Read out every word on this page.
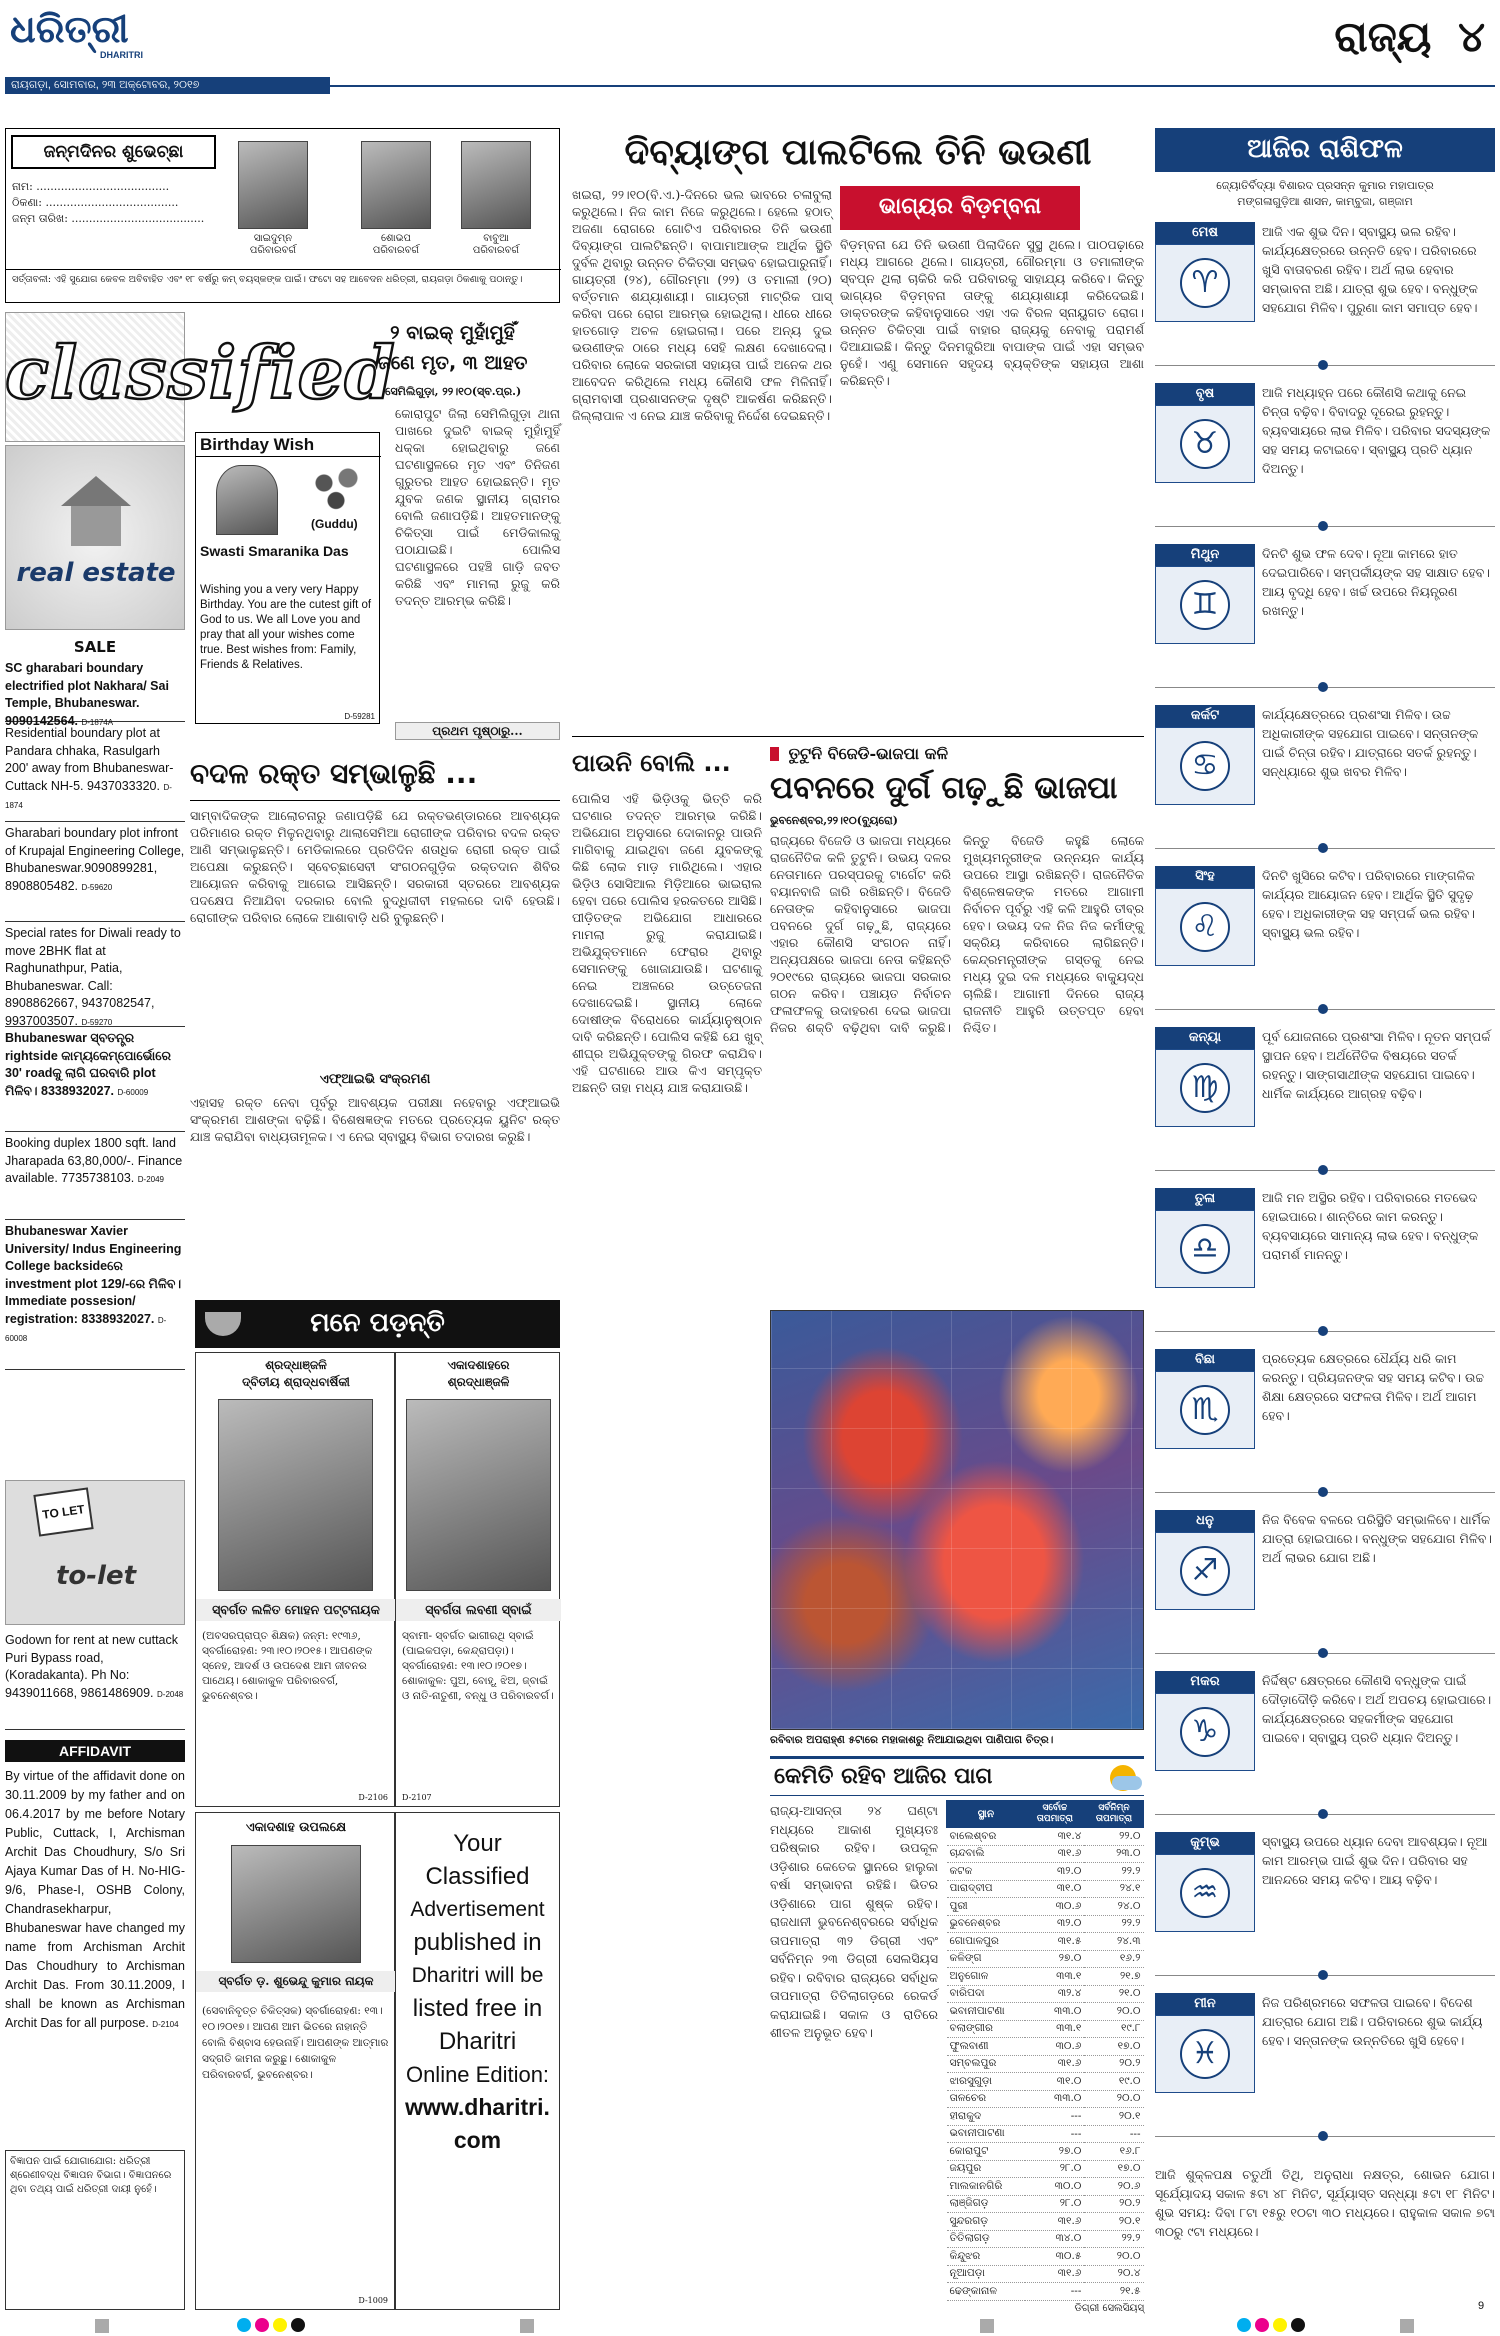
ଧରିତ୍ରୀ
DHARITRI
ରାୟଗଡ଼ା, ସୋମବାର, ୨୩ ଅକ୍ଟୋବର, ୨୦୧୭
ରାଜ୍ୟ ୪
ଜନ୍ମଦିନର ଶୁଭେଚ୍ଛା
ନାମ: ......................................
ଠିକଣା: ......................................
ଜନ୍ମ ତାରିଖ: ......................................
ସାଇଦୁମ୍ନ
ପରିବାରବର୍ଗ
ଶୋଭପ
ପରିବାରବର୍ଗ
ବାବୁଆ
ପରିବାରବର୍ଗ
ସର୍ତ୍ତାବଳୀ: ଏହି ସୁଯୋଗ କେବଳ ଅବିବାହିତ ଏବଂ ୧୮ ବର୍ଷରୁ କମ୍ ବୟସ୍କଙ୍କ ପାଇଁ। ଫଟୋ ସହ ଆବେଦନ ଧରିତ୍ରୀ, ରାୟଗଡ଼ା ଠିକଣାକୁ ପଠାନ୍ତୁ।
classified
୨ ବାଇକ୍ ମୁହାଁମୁହିଁ
ଜଣେ ମୃତ, ୩ ଆହତ
ସେମିଲିଗୁଡ଼ା, ୨୨।୧୦(ସ୍ବ.ପ୍ର.)
କୋରାପୁଟ ଜିଲା ସେମିଲିଗୁଡ଼ା ଥାନା ପାଖରେ ଦୁଇଟି ବାଇକ୍ ମୁହାଁମୁହିଁ ଧକ୍କା ହୋଇଥିବାରୁ ଜଣେ ଘଟଣାସ୍ଥଳରେ ମୃତ ଏବଂ ତିନିଜଣ ଗୁରୁତର ଆହତ ହୋଇଛନ୍ତି। ମୃତ ଯୁବକ ଜଣକ ସ୍ଥାନୀୟ ଗ୍ରାମର ବୋଲି ଜଣାପଡ଼ିଛି। ଆହତମାନଙ୍କୁ ଚିକିତ୍ସା ପାଇଁ ମେଡିକାଲକୁ ପଠାଯାଇଛି। ପୋଲିସ ଘଟଣାସ୍ଥଳରେ ପହଞ୍ଚି ଗାଡ଼ି ଜବତ କରିଛି ଏବଂ ମାମଲା ରୁଜୁ କରି ତଦନ୍ତ ଆରମ୍ଭ କରିଛି।
real estate
SALE
SC gharabari boundary electrified plot Nakhara/ Sai Temple, Bhubaneswar. 9090142564. D-1874A
Residential boundary plot at Pandara chhaka, Rasulgarh 200' away from Bhubaneswar- Cuttack NH-5. 9437033320. D-1874
Gharabari boundary plot infront of Krupajal Engineering College, Bhubaneswar.9090899281, 8908805482. D-59620
Special rates for Diwali ready to move 2BHK flat at Raghunathpur, Patia, Bhubaneswar. Call: 8908862667, 9437082547, 9937003507. D-59270
Bhubaneswar ସ୍ବତନ୍ତ୍ର rightside କାମ୍ୟକେମ୍ପ‌ୋର୍ଭୋରେ 30' roadକୁ ଲାଗି ଘରବାରି plot ମିଳିବ। 8338932027. D-60009
Booking duplex 1800 sqft. land Jharapada 63,80,000/-. Finance available. 7735738103. D-2049
Bhubaneswar Xavier University/ Indus Engineering College backsideରେ investment plot 129/-ରେ ମିଳିବ। Immediate possesion/ registration: 8338932027. D-60008
TO LET
to-let
Godown for rent at new cuttack Puri Bypass road, (Koradakanta). Ph No: 9439011668, 9861486909. D-2048
AFFIDAVIT
By virtue of the affidavit done on 30.11.2009 by my father and on 06.4.2017 by me before Notary Public, Cuttack, I, Archisman Archit Das Choudhury, S/o Sri Ajaya Kumar Das of H. No-HIG-9/6, Phase-I, OSHB Colony, Chandrasekharpur, Bhubaneswar have changed my name from Archisman Archit Das Choudhury to Archisman Archit Das. From 30.11.2009, I shall be known as Archisman Archit Das for all purpose. D-2104
ବିଜ୍ଞାପନ ପାଇଁ ଯୋଗାଯୋଗ: ଧରିତ୍ରୀ ଶ୍ରେଣୀବଦ୍ଧ ବିଜ୍ଞାପନ ବିଭାଗ। ବିଜ୍ଞାପନରେ ଥିବା ତଥ୍ୟ ପାଇଁ ଧରିତ୍ରୀ ଦାୟୀ ନୁହେଁ।
Birthday Wish
(Guddu)
Swasti Smaranika Das
Wishing you a very very Happy Birthday. You are the cutest gift of God to us. We all Love you and pray that all your wishes come true. Best wishes from: Family, Friends & Relatives.
D-59281
ପ୍ରଥମ ପୃଷ୍ଠାରୁ...
ବଦଳ ରକ୍ତ ସମ୍ଭାଳୁଛି ...
ସାମ୍ବାଦିକଙ୍କ ଆଲୋଚନାରୁ ଜଣାପଡ଼ିଛି ଯେ ରକ୍ତଭଣ୍ଡାରରେ ଆବଶ୍ୟକ ପରିମାଣର ରକ୍ତ ମିଳୁନଥିବାରୁ ଥାଲାସେମିଆ ରୋଗୀଙ୍କ ପରିବାର ବଦଳ ରକ୍ତ ଆଣି ସମ୍ଭାଳୁଛନ୍ତି। ମେଡିକାଲରେ ପ୍ରତିଦିନ ଶତାଧିକ ରୋଗୀ ରକ୍ତ ପାଇଁ ଅପେକ୍ଷା କରୁଛନ୍ତି। ସ୍ବେଚ୍ଛାସେବୀ ସଂଗଠନଗୁଡ଼ିକ ରକ୍ତଦାନ ଶିବିର ଆୟୋଜନ କରିବାକୁ ଆଗେଇ ଆସିଛନ୍ତି। ସରକାରୀ ସ୍ତରରେ ଆବଶ୍ୟକ ପଦକ୍ଷେପ ନିଆଯିବା ଦରକାର ବୋଲି ବୁଦ୍ଧିଜୀବୀ ମହଲରେ ଦାବି ହେଉଛି। ରୋଗୀଙ୍କ ପରିବାର ଲୋକେ ଆଶାବାଡ଼ି ଧରି ବୁଲୁଛନ୍ତି।
ଏଫ୍‌ଆଇଭି ସଂକ୍ରମଣ
ଏହାସହ ରକ୍ତ ନେବା ପୂର୍ବରୁ ଆବଶ୍ୟକ ପରୀକ୍ଷା ନହେବାରୁ ଏଫ୍‌ଆଇଭି ସଂକ୍ରମଣ ଆଶଙ୍କା ବଢ଼ିଛି। ବିଶେଷଜ୍ଞଙ୍କ ମତରେ ପ୍ରତ୍ୟେକ ୟୁନିଟ ରକ୍ତ ଯାଞ୍ଚ କରାଯିବା ବାଧ୍ୟତାମୂଳକ। ଏ ନେଇ ସ୍ବାସ୍ଥ୍ୟ ବିଭାଗ ତଦାରଖ କରୁଛି।
ମନେ ପଡ଼ନ୍ତି
ଶ୍ରଦ୍ଧାଞ୍ଜଳି
ଦ୍ବିତୀୟ ଶ୍ରାଦ୍ଧବାର୍ଷିକୀ
ସ୍ବର୍ଗତ ଲଳିତ ମୋହନ ପଟ୍ଟନାୟକ
(ଅବସରପ୍ରାପ୍ତ ଶିକ୍ଷକ) ଜନ୍ମ: ୧୯୩୬, ସ୍ବର୍ଗାରୋହଣ: ୨୩।୧୦।୨୦୧୫। ଆପଣଙ୍କ ସ୍ନେହ, ଆଦର୍ଶ ଓ ଉପଦେଶ ଆମ ଜୀବନର ପାଥେୟ। ଶୋକାକୁଳ ପରିବାରବର୍ଗ, ଭୁବନେଶ୍ବର।
D-2106
ଏକାଦଶାହରେ
ଶ୍ରଦ୍ଧାଞ୍ଜଳି
ସ୍ବର୍ଗତା ଲବଣୀ ସ୍ବାଇଁ
ସ୍ବାମୀ- ସ୍ବର୍ଗତ ଭାଗୀରଥି ସ୍ବାଇଁ (ପାଇକପଡ଼ା, କେନ୍ଦ୍ରାପଡ଼ା)। ସ୍ବର୍ଗାରୋହଣ: ୧୩।୧୦।୨୦୧୭। ଶୋକାକୁଳ: ପୁଅ, ବୋହୂ, ଝିଅ, ଜ୍ବାଇଁ ଓ ନାତି-ନାତୁଣୀ, ବନ୍ଧୁ ଓ ପରିବାରବର୍ଗ।
D-2107
ଏକାଦଶାହ ଉପଲକ୍ଷେ
ସ୍ବର୍ଗତ ଡ଼. ଶୁଭେନ୍ଦୁ କୁମାର ନାୟକ
(ସେବାନିବୃତ୍ତ ଚିକିତ୍ସକ) ସ୍ବର୍ଗାରୋହଣ: ୧୩।୧୦।୨୦୧୭। ଆପଣ ଆମ ଭିତରେ ନାହାନ୍ତି ବୋଲି ବିଶ୍ବାସ ହେଉନାହିଁ। ଆପଣଙ୍କ ଆତ୍ମାର ସଦ୍‌ଗତି କାମନା କରୁଛୁ। ଶୋକାକୁଳ ପରିବାରବର୍ଗ, ଭୁବନେଶ୍ବର।
D-1009
Your
Classified
Advertisement
published in
Dharitri will be
listed free in
Dharitri
Online Edition:
www.dharitri.
com
ଦିବ୍ୟାଙ୍ଗ ପାଲଟିଲେ ତିନି ଭଉଣୀ
ଖଇରା, ୨୨।୧୦(ବି.ଏ.)-ଦିନରେ ଭଲ ଭାବରେ ଚଳାବୁଲା କରୁଥିଲେ। ନିଜ କାମ ନିଜେ କରୁଥିଲେ। ହେଲେ ହଠାତ୍ ଅଜଣା ରୋଗରେ ଗୋଟିଏ ପରିବାରର ତିନି ଭଉଣୀ ଦିବ୍ୟାଙ୍ଗ ପାଲଟିଛନ୍ତି। ବାପାମାଆଙ୍କ ଆର୍ଥିକ ସ୍ଥିତି ଦୁର୍ବଳ ଥିବାରୁ ଉନ୍ନତ ଚିକିତ୍ସା ସମ୍ଭବ ହୋଇପାରୁନାହିଁ। ଗାୟତ୍ରୀ (୨୪), ଗୌରମ୍ମା (୨୨) ଓ ତମାଲୀ (୨୦) ବର୍ତ୍ତମାନ ଶଯ୍ୟାଶାୟୀ। ଗାୟତ୍ରୀ ମାଟ୍ରିକ ପାସ୍ କରିବା ପରେ ରୋଗ ଆରମ୍ଭ ହୋଇଥିଲା। ଧୀରେ ଧୀରେ ହାତଗୋଡ଼ ଅଚଳ ହୋଇଗଲା। ପରେ ଅନ୍ୟ ଦୁଇ ଭଉଣୀଙ୍କ ଠାରେ ମଧ୍ୟ ସେହି ଲକ୍ଷଣ ଦେଖାଦେଲା। ପରିବାର ଲୋକେ ସରକାରୀ ସହାୟତା ପାଇଁ ଅନେକ ଥର ଆବେଦନ କରିଥିଲେ ମଧ୍ୟ କୌଣସି ଫଳ ମିଳିନାହିଁ। ଗ୍ରାମବାସୀ ପ୍ରଶାସନଙ୍କ ଦୃଷ୍ଟି ଆକର୍ଷଣ କରିଛନ୍ତି। ଜିଲ୍ଲାପାଳ ଏ ନେଇ ଯାଞ୍ଚ କରିବାକୁ ନିର୍ଦ୍ଦେଶ ଦେଇଛନ୍ତି।
ଭାଗ୍ୟର ବିଡ଼ମ୍ବନା
ବିଡ଼ମ୍ବନା ଯେ ତିନି ଭଉଣୀ ପିଲାଦିନେ ସୁସ୍ଥ ଥିଲେ। ପାଠପଢ଼ାରେ ମଧ୍ୟ ଆଗରେ ଥିଲେ। ଗାୟତ୍ରୀ, ଗୌରମ୍ମା ଓ ତମାଲୀଙ୍କ ସ୍ବପ୍ନ ଥିଲା ଚାକିରି କରି ପରିବାରକୁ ସାହାଯ୍ୟ କରିବେ। କିନ୍ତୁ ଭାଗ୍ୟର ବିଡ଼ମ୍ବନା ତାଙ୍କୁ ଶଯ୍ୟାଶାୟୀ କରିଦେଇଛି। ଡାକ୍ତରଙ୍କ କହିବାନୁସାରେ ଏହା ଏକ ବିରଳ ସ୍ନାୟୁଗତ ରୋଗ। ଉନ୍ନତ ଚିକିତ୍ସା ପାଇଁ ବାହାର ରାଜ୍ୟକୁ ନେବାକୁ ପରାମର୍ଶ ଦିଆଯାଇଛି। କିନ୍ତୁ ଦିନମଜୁରିଆ ବାପାଙ୍କ ପାଇଁ ଏହା ସମ୍ଭବ ନୁହେଁ। ଏଣୁ ସେମାନେ ସହୃଦୟ ବ୍ୟକ୍ତିଙ୍କ ସହାୟତା ଆଶା କରିଛନ୍ତି।
ପାଉନି ବୋଲି ...
ପୋଲିସ ଏହି ଭିଡ଼ିଓକୁ ଭିତ୍ତି କରି ଘଟଣାର ତଦନ୍ତ ଆରମ୍ଭ କରିଛି। ଅଭିଯୋଗ ଅନୁସାରେ ଦୋକାନରୁ ପାଉନି ମାଗିବାକୁ ଯାଇଥିବା ଜଣେ ଯୁବକଙ୍କୁ କିଛି ଲୋକ ମାଡ଼ ମାରିଥିଲେ। ଏହାର ଭିଡ଼ିଓ ସୋସିଆଲ ମିଡ଼ିଆରେ ଭାଇରାଲ ହେବା ପରେ ପୋଲିସ ହରକତରେ ଆସିଛି। ପୀଡ଼ିତଙ୍କ ଅଭିଯୋଗ ଆଧାରରେ ମାମଲା ରୁଜୁ କରାଯାଇଛି। ଅଭିଯୁକ୍ତମାନେ ଫେରାର ଥିବାରୁ ସେମାନଙ୍କୁ ଖୋଜାଯାଉଛି। ଘଟଣାକୁ ନେଇ ଅଞ୍ଚଳରେ ଉତ୍ତେଜନା ଦେଖାଦେଇଛି। ସ୍ଥାନୀୟ ଲୋକେ ଦୋଷୀଙ୍କ ବିରୋଧରେ କାର୍ଯ୍ୟାନୁଷ୍ଠାନ ଦାବି କରିଛନ୍ତି। ପୋଲିସ କହିଛି ଯେ ଖୁବ୍ ଶୀଘ୍ର ଅଭିଯୁକ୍ତଙ୍କୁ ଗିରଫ କରାଯିବ। ଏହି ଘଟଣାରେ ଆଉ କିଏ ସମ୍ପୃକ୍ତ ଅଛନ୍ତି ତାହା ମଧ୍ୟ ଯାଞ୍ଚ କରାଯାଉଛି।
ତୁଟୁନି ବିଜେଡି-ଭାଜପା କଳି
ପବନରେ ଦୁର୍ଗ ଗଢ଼ୁଛି ଭାଜପା
ଭୁବନେଶ୍ବର,୨୨।୧୦(ବ୍ୟୁରୋ)
ରାଜ୍ୟରେ ବିଜେଡି ଓ ଭାଜପା ମଧ୍ୟରେ ରାଜନୈତିକ କଳି ତୁଟୁନି। ଉଭୟ ଦଳର ନେତାମାନେ ପରସ୍ପରକୁ ଟାର୍ଗେଟ କରି ବୟାନବାଜି ଜାରି ରଖିଛନ୍ତି। ବିଜେଡି ନେତାଙ୍କ କହିବାନୁସାରେ ଭାଜପା ପବନରେ ଦୁର୍ଗ ଗଢ଼ୁଛି, ରାଜ୍ୟରେ ଏହାର କୌଣସି ସଂଗଠନ ନାହିଁ। ଅନ୍ୟପକ୍ଷରେ ଭାଜପା ନେତା କହିଛନ୍ତି ୨୦୧୯ରେ ରାଜ୍ୟରେ ଭାଜପା ସରକାର ଗଠନ କରିବ। ପଞ୍ଚାୟତ ନିର୍ବାଚନ ଫଳାଫଳକୁ ଉଦାହରଣ ଦେଇ ଭାଜପା ନିଜର ଶକ୍ତି ବଢ଼ିଥିବା ଦାବି କରୁଛି। କିନ୍ତୁ ବିଜେଡି କହୁଛି ଲୋକେ ମୁଖ୍ୟମନ୍ତ୍ରୀଙ୍କ ଉନ୍ନୟନ କାର୍ଯ୍ୟ ଉପରେ ଆସ୍ଥା ରଖିଛନ୍ତି। ରାଜନୈତିକ ବିଶ୍ଳେଷକଙ୍କ ମତରେ ଆଗାମୀ ନିର୍ବାଚନ ପୂର୍ବରୁ ଏହି କଳି ଆହୁରି ତୀବ୍ର ହେବ। ଉଭୟ ଦଳ ନିଜ ନିଜ କର୍ମୀଙ୍କୁ ସକ୍ରିୟ କରିବାରେ ଲାଗିଛନ୍ତି। କେନ୍ଦ୍ରମନ୍ତ୍ରୀଙ୍କ ଗସ୍ତକୁ ନେଇ ମଧ୍ୟ ଦୁଇ ଦଳ ମଧ୍ୟରେ ବାକ୍ୟୁଦ୍ଧ ଚାଲିଛି। ଆଗାମୀ ଦିନରେ ରାଜ୍ୟ ରାଜନୀତି ଆହୁରି ଉତ୍ତପ୍ତ ହେବା ନିଶ୍ଚିତ।
ରବିବାର ଅପରାହ୍ଣ ୫ଟାରେ ମହାକାଶରୁ ନିଆଯାଇଥିବା ପାଣିପାଗ ଚିତ୍ର।
କେମିତି ରହିବ ଆଜିର ପାଗ
ରାଜ୍ୟ-ଆସନ୍ତା ୨୪ ଘଣ୍ଟା ମଧ୍ୟରେ ଆକାଶ ମୁଖ୍ୟତଃ ପରିଷ୍କାର ରହିବ। ଉପକୂଳ ଓଡ଼ିଶାର କେତେକ ସ୍ଥାନରେ ହାଲୁକା ବର୍ଷା ସମ୍ଭାବନା ରହିଛି। ଭିତର ଓଡ଼ିଶାରେ ପାଗ ଶୁଷ୍କ ରହିବ। ରାଜଧାନୀ ଭୁବନେଶ୍ବରରେ ସର୍ବାଧିକ ତାପମାତ୍ରା ୩୨ ଡିଗ୍ରୀ ଏବଂ ସର୍ବନିମ୍ନ ୨୩ ଡିଗ୍ରୀ ସେଲସିୟସ ରହିବ। ରବିବାର ରାଜ୍ୟରେ ସର୍ବାଧିକ ତାପମାତ୍ରା ତିତିଲାଗଡ଼ରେ ରେକର୍ଡ କରାଯାଇଛି। ସକାଳ ଓ ରାତିରେ ଶୀତଳ ଅନୁଭୂତ ହେବ।
ସ୍ଥାନ	ସର୍ବୋଚ୍ଚ ତାପମାତ୍ରା	ସର୍ବନିମ୍ନ ତାପମାତ୍ରା
ବାଲେଶ୍ବର	୩୧.୪	୨୨.୦
ଚାନ୍ଦବାଲି	୩୧.୬	୨୩.୦
କଟକ	୩୨.୦	୨୨.୨
ପାରାଦ୍ବୀପ	୩୧.୦	୨୪.୧
ପୁରୀ	୩୦.୬	୨୪.୦
ଭୁବନେଶ୍ବର	୩୨.୦	୨୨.୨
ଗୋପାଳପୁର	୩୧.୫	୨୪.୩
କଳିଙ୍ଗ	୨୭.୦	୧୬.୨
ଅନୁଗୋଳ	୩୩.୧	୨୧.୭
ବାରିପଦା	୩୨.୪	୨୧.୦
ଭବାନୀପାଟଣା	୩୩.୦	୨୦.୦
ବଲାଙ୍ଗୀର	୩୩.୧	୧୯.୮
ଫୁଲବାଣୀ	୩୦.୬	୧୭.୦
ସମ୍ବଲପୁର	୩୧.୬	୨୦.୨
ଝାରସୁଗୁଡ଼ା	୩୧.୦	୧୯.୦
ତାଳଚେର	୩୩.୦	୨୦.୦
ହୀରାକୁଦ	---	୨୦.୧
ଭବାନୀପାଟଣା	---	---
କୋରାପୁଟ	୨୭.୦	୧୬.୮
ଜୟପୁର	୨୮.୦	୧୭.୦
ମାଲକାନଗିରି	୩୦.୦	୨୦.୬
ଲାଞ୍ଜିଗଡ଼	୨୮.୦	୨୦.୨
ସୁନ୍ଦରଗଡ଼	୩୧.୬	୨୦.୧
ତିତିଲାଗଡ଼	୩୪.୦	୨୨.୨
କିନ୍ଦୁଝର	୩୦.୫	୨୦.୦
ନୂଆପଡ଼ା	୩୧.୬	୨୦.୪
ଢେଙ୍କାନାଳ	---	୨୧.୫
ଡିଗ୍ରୀ ସେଲସିୟସ୍
ଆଜିର ରାଶିଫଳ
ଜ୍ୟୋତିର୍ବିଦ୍ୟା ବିଶାରଦ ପ୍ରସନ୍ନ କୁମାର ମହାପାତ୍ର
ମଙ୍ଗଳାଗୁଡ଼ିଆ ଶାସନ, କାମ୍ବୁଜା, ଗଞ୍ଜାମ
ମେଷ
♈
ଆଜି ଏକ ଶୁଭ ଦିନ। ସ୍ବାସ୍ଥ୍ୟ ଭଲ ରହିବ। କାର୍ଯ୍ୟକ୍ଷେତ୍ରରେ ଉନ୍ନତି ହେବ। ପରିବାରରେ ଖୁସି ବାତାବରଣ ରହିବ। ଅର୍ଥ ଲାଭ ହେବାର ସମ୍ଭାବନା ଅଛି। ଯାତ୍ରା ଶୁଭ ହେବ। ବନ୍ଧୁଙ୍କ ସହଯୋଗ ମିଳିବ। ପୁରୁଣା କାମ ସମାପ୍ତ ହେବ।
ବୃଷ
♉
ଆଜି ମଧ୍ୟାହ୍ନ ପରେ କୌଣସି କଥାକୁ ନେଇ ଚିନ୍ତା ବଢ଼ିବ। ବିବାଦରୁ ଦୂରେଇ ରୁହନ୍ତୁ। ବ୍ୟବସାୟରେ ଲାଭ ମିଳିବ। ପରିବାର ସଦସ୍ୟଙ୍କ ସହ ସମୟ କଟାଇବେ। ସ୍ବାସ୍ଥ୍ୟ ପ୍ରତି ଧ୍ୟାନ ଦିଅନ୍ତୁ।
ମିଥୁନ
♊
ଦିନଟି ଶୁଭ ଫଳ ଦେବ। ନୂଆ କାମରେ ହାତ ଦେଇପାରିବେ। ସମ୍ପର୍କୀୟଙ୍କ ସହ ସାକ୍ଷାତ ହେବ। ଆୟ ବୃଦ୍ଧି ହେବ। ଖର୍ଚ୍ଚ ଉପରେ ନିୟନ୍ତ୍ରଣ ରଖନ୍ତୁ।
କର୍କଟ
♋
କାର୍ଯ୍ୟକ୍ଷେତ୍ରରେ ପ୍ରଶଂସା ମିଳିବ। ଉଚ୍ଚ ଅଧିକାରୀଙ୍କ ସହଯୋଗ ପାଇବେ। ସନ୍ତାନଙ୍କ ପାଇଁ ଚିନ୍ତା ରହିବ। ଯାତ୍ରାରେ ସତର୍କ ରୁହନ୍ତୁ। ସନ୍ଧ୍ୟାରେ ଶୁଭ ଖବର ମିଳିବ।
ସିଂହ
♌
ଦିନଟି ଖୁସିରେ କଟିବ। ପରିବାରରେ ମାଙ୍ଗଳିକ କାର୍ଯ୍ୟର ଆୟୋଜନ ହେବ। ଆର୍ଥିକ ସ୍ଥିତି ସୁଦୃଢ଼ ହେବ। ଅଧିକାରୀଙ୍କ ସହ ସମ୍ପର୍କ ଭଲ ରହିବ। ସ୍ବାସ୍ଥ୍ୟ ଭଲ ରହିବ।
କନ୍ୟା
♍
ପୂର୍ବ ଯୋଜନାରେ ପ୍ରଶଂସା ମିଳିବ। ନୂତନ ସମ୍ପର୍କ ସ୍ଥାପନ ହେବ। ଅର୍ଥନୈତିକ ବିଷୟରେ ସତର୍କ ରହନ୍ତୁ। ସାଙ୍ଗସାଥୀଙ୍କ ସହଯୋଗ ପାଇବେ। ଧାର୍ମିକ କାର୍ଯ୍ୟରେ ଆଗ୍ରହ ବଢ଼ିବ।
ତୁଳା
♎
ଆଜି ମନ ଅସ୍ଥିର ରହିବ। ପରିବାରରେ ମତଭେଦ ହୋଇପାରେ। ଶାନ୍ତିରେ କାମ କରନ୍ତୁ। ବ୍ୟବସାୟରେ ସାମାନ୍ୟ ଲାଭ ହେବ। ବନ୍ଧୁଙ୍କ ପରାମର୍ଶ ମାନନ୍ତୁ।
ବିଛା
♏
ପ୍ରତ୍ୟେକ କ୍ଷେତ୍ରରେ ଧୈର୍ଯ୍ୟ ଧରି କାମ କରନ୍ତୁ। ପ୍ରିୟଜନଙ୍କ ସହ ସମୟ କଟିବ। ଉଚ୍ଚ ଶିକ୍ଷା କ୍ଷେତ୍ରରେ ସଫଳତା ମିଳିବ। ଅର୍ଥ ଆଗମ ହେବ।
ଧନୁ
♐
ନିଜ ବିବେକ ବଳରେ ପରିସ୍ଥିତି ସମ୍ଭାଳିବେ। ଧାର୍ମିକ ଯାତ୍ରା ହୋଇପାରେ। ବନ୍ଧୁଙ୍କ ସହଯୋଗ ମିଳିବ। ଅର୍ଥ ଲାଭର ଯୋଗ ଅଛି।
ମକର
♑
ନିର୍ଦ୍ଦିଷ୍ଟ କ୍ଷେତ୍ରରେ କୌଣସି ବନ୍ଧୁଙ୍କ ପାଇଁ ଦୌଡ଼ାଦୌଡ଼ି କରିବେ। ଅର୍ଥ ଅପଚୟ ହୋଇପାରେ। କାର୍ଯ୍ୟକ୍ଷେତ୍ରରେ ସହକର୍ମୀଙ୍କ ସହଯୋଗ ପାଇବେ। ସ୍ବାସ୍ଥ୍ୟ ପ୍ରତି ଧ୍ୟାନ ଦିଅନ୍ତୁ।
କୁମ୍ଭ
♒
ସ୍ବାସ୍ଥ୍ୟ ଉପରେ ଧ୍ୟାନ ଦେବା ଆବଶ୍ୟକ। ନୂଆ କାମ ଆରମ୍ଭ ପାଇଁ ଶୁଭ ଦିନ। ପରିବାର ସହ ଆନନ୍ଦରେ ସମୟ କଟିବ। ଆୟ ବଢ଼ିବ।
ମୀନ
♓
ନିଜ ପରିଶ୍ରମରେ ସଫଳତା ପାଇବେ। ବିଦେଶ ଯାତ୍ରାର ଯୋଗ ଅଛି। ପରିବାରରେ ଶୁଭ କାର୍ଯ୍ୟ ହେବ। ସନ୍ତାନଙ୍କ ଉନ୍ନତିରେ ଖୁସି ହେବେ।
ଆଜି ଶୁକ୍ଳପକ୍ଷ ଚତୁର୍ଥୀ ତିଥି, ଅନୁରାଧା ନକ୍ଷତ୍ର, ଶୋଭନ ଯୋଗ। ସୂର୍ଯ୍ୟୋଦୟ ସକାଳ ୫ଟା ୪୮ ମିନିଟ, ସୂର୍ଯ୍ୟାସ୍ତ ସନ୍ଧ୍ୟା ୫ଟା ୧୮ ମିନିଟ। ଶୁଭ ସମୟ: ଦିବା ୮ଟା ୧୫ରୁ ୧୦ଟା ୩୦ ମଧ୍ୟରେ। ରାହୁକାଳ ସକାଳ ୭ଟା ୩୦ରୁ ୯ଟା ମଧ୍ୟରେ।
9
